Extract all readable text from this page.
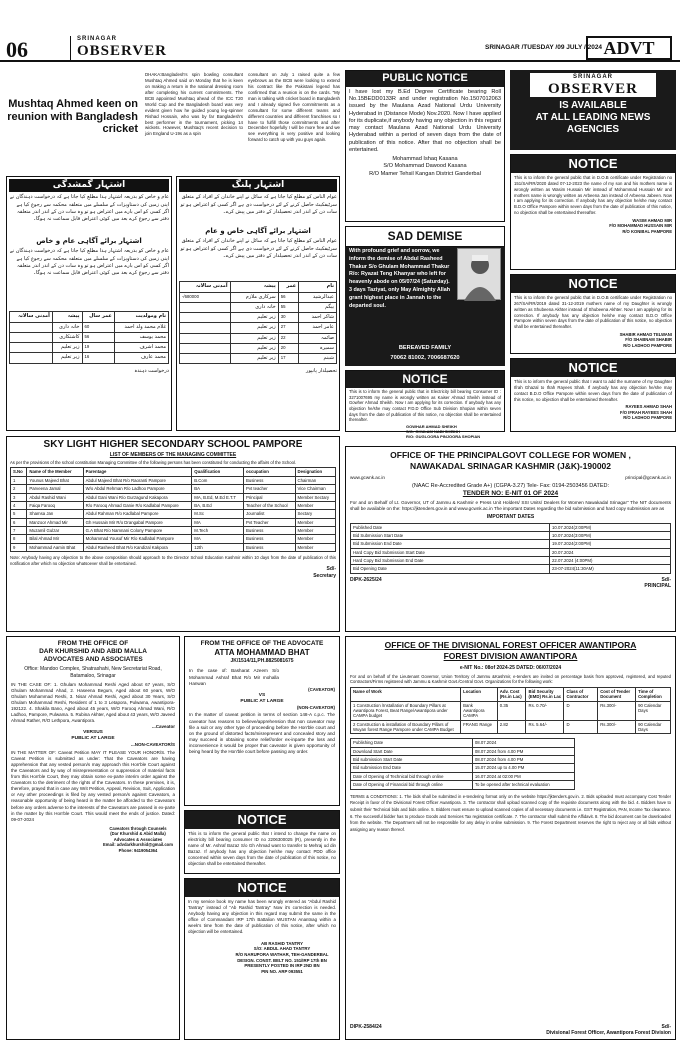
06	SRINAGAR
OBSERVER	SRINAGAR /TUESDAY /09 JULY / 2024 ADVT
Mushtaq Ahmed keen on reunion with Bangladesh cricket
DHAKA:Bangladesh's spin bowling consultant Mushtaq Ahmed said on Monday that he is keen on making a return in the national dressing room after completing his current commitments. The BCB appointed Mushtaq ahead of the ICC T20 World Cup and the Bangladesh board was very evident given how he guided young leg-spinner Rishad Hossain, who was by far Bangladesh's best performer in the tournament, picking 14 wickets. However, Mushtaq's recent decision to join England U-19s as a spin
consultant on July 1 raised quite a few eyebrows as the BCB were looking to extend his contract like the Pakistani legend has confirmed that a reunion is on the cards. "My man is talking with cricket board in Bangladesh and I already signed five commitments as a consultant for some different teams and different countries and different franchises so I have to fulfill those commitments and after December hopefully I will be more free and we see everything is very positive and looking forward to catch up with you guys again.
اشتہار گمشدگی
عام و خاص کو بذریعہ اشتہار ہذا مطلع کیا جاتا ہے کہ درخواست دہندگان نے اپنی زمین کی دستاویزات کے سلسلے میں متعلقہ محکمہ سے رجوع کیا ہے اگر کسی کو اس بارے میں اعتراض ہو تو وہ سات دن کے اندر اندر متعلقہ دفتر سے رجوع کرے بعد میں کوئی اعتراض قابل سماعت نہ ہوگا۔
اشتہار برائے آگاہی عام و خاص
عام و خاص کو بذریعہ اشتہار ہذا مطلع کیا جاتا ہے کہ درخواست دہندگان نے اپنی زمین کی دستاویزات کے سلسلے میں متعلقہ محکمہ سے رجوع کیا ہے اگر کسی کو اس بارے میں اعتراض ہو تو وہ سات دن کے اندر اندر متعلقہ دفتر سے رجوع کرے بعد میں کوئی اعتراض قابل سماعت نہ ہوگا۔
نام ومولدیت	عمر سال	پیشہ	آمدنی سالانہ
غلام محمد ولد احمد	60	خانہ داری	
محمد یوسف	56	کاشتکاری	
محمد اشرف	19	زیر تعلیم	
محمد عارف	16	زیر تعلیم	
درخواست دہندہ
اشتہار پلنگ
عوام الناس کو مطلع کیا جاتا ہے کہ سائل نے اپنے خاندان کے افراد کے متعلق سرٹیفکیٹ حاصل کرنے کے لئے درخواست دی ہے اگر کسی کو اعتراض ہو تو سات دن کے اندر اندر تحصیلدار کے دفتر میں پیش کرے۔
اشتہار برائے آگاہی خاص و عام
عوام الناس کو مطلع کیا جاتا ہے کہ سائل نے اپنے خاندان کے افراد کے متعلق سرٹیفکیٹ حاصل کرنے کے لئے درخواست دی ہے اگر کسی کو اعتراض ہو تو سات دن کے اندر اندر تحصیلدار کے دفتر میں پیش کرے۔
نام	عمر	پیشہ	آمدنی سالانہ
عبدالرشید	56	سرکاری ملازم	680000/-
بیگم	55	خانہ داری	
شاکر احمد	30	زیر تعلیم	
عامر احمد	27	زیر تعلیم	
صائمہ	22	زیر تعلیم	
سمیرہ	20	زیر تعلیم	
شبنم	17	زیر تعلیم	
تحصیلدار پانپور
PUBLIC NOTICE
I have lost my B.Ed Degree Certificate bearing Roll No.15BEDD0133R and under registration No.1507012063 issued by the Maulana Azad National Urdu University Hyderabad in (Distance Mode) Nov.2020. Now I have applied for its duplicate,if anybody having any objection in this regard may contact Maulana Azad National Urdu University Hyderabad within a period of seven days from the date of publication of this notice. After that no objection shall be entertained.
Mohammad Ishaq Kasana
S/O Mohammad Dawood Kasana
R/O Mamer Tehsil Kangan District Ganderbal
SAD DEMISE
With profound grief and sorrow, we inform the demise of Abdul Rasheed Thakur S/o Ghulam Mohammad Thakur R/o: Ryazat Teng Khanyar who left for heavenly abode on 05/07/24 (Saturday). 3 days Taziyat, only May Almighty Allah grant highest place in Jannah to the departed soul.
BEREAVED FAMILY
70062 81002, 7006687620
NOTICE
This is to inform the general public that in Electricity bill bearing Consumer ID : 3271007695 my name is wrongly written as Kaiser Ahmad Sheikh instead of Gowher Ahmad Sheikh. Now I am applying for its correction. If anybody has any objection he/she may contact P.D.D Office Sub Division Shopian within seven days from the date of publication of this notice, no objection shall be entertained thereafter.
GOWHAR AHMAD SHEIKH
S/O: GHULAM NABI SHEIKH
R/O: GUGLOORA PINJOORA SHOPIAN
SRINAGAR
OBSERVER
IS AVAILABLE
AT ALL LEADING NEWS
AGENCIES
NOTICE
This is to inform the general public that in D.O.B certificate under Registration no 151/SA/RR/2020 dated 07-12-2023 the name of my son and his mothers name is wrongly written as Wasim Hussain Mir instead of Mohammad Hussain Mir and mothers name is wrongly written as Arbeena Jan instead of Arbeena Jabeen. Now I am applying for its correction. If anybody has any objection he/she may contact B.D.O Office Pampore within seven days from the date of publication of this notice, no objection shall be entertained thereafter.
WASIM AHMAD MIR
F/O MOHAMMAD HUSSAIN MIR
R/O KONIBAL PAMPORE
NOTICE
This is to inform the general public that in D.O.B certificate under Registration no 267/SA/RR/2019 dated 31-12-2019 mothers name of my Daughter is wrongly written as Shubeena Akhter instead of Shubeena Akhter. Now I am applying for its correction. If anybody has any objection he/she may contact B.D.O Office Pampore within seven days from the date of publication of this notice, no objection shall be entertained thereafter.
SHABIR AHMAD TELWANI
F/O SHABNAM SHABIR
R/O LADHOO PAMPORE
NOTICE
This is to inform the general public that I want to add the surname of my Daughter Ifrah Ghazal to Ifrah Rayees Shah. If anybody has any objection he/she may contact B.D.O Office Pampore within seven days from the date of publication of this notice, no objection shall be entertained thereafter.
RAYEES AHMAD SHAH
F/O IFRAH RAYEES SHAH
R/O LADHOO PAMPORE
SKY LIGHT HIGHER SECONDARY SCHOOL PAMPORE
LIST OF MEMBERS OF THE MANAGING COMMITTEE
As per the provisions of the school constitution Managing Committee of the following persons has been constituted for conducting the affairs of the School.
S.No	Name of the Member	Parentage	Qualification	occupation	Designation
1	Younus Majeed Bhat	Abdul Majeed Bhat R/o Raoranti Pampore	B.Com	Business	Chairman
2	Parveena Jamal	W/o Abdul Rehman R/o Ladhoo Pampore	BA	Pvt teacher	Vice Chairman
3	Abdul Rashid Wani	Abdul Gani Wani R/o Gurzagund Kakapora	MA, B.Ed, M.Ed E.T.T	Principal	Member Sectary
4	Faiqa Farooq	R/o Farooq Ahmad Ganie R/o Kadlabal Pampore	BA, B.Ed	Teacher of the School	Member
5	Shamsa Jan	Abdul Rahman R/o Kadlabal Pampore	M.Sc	Journalist	Sectary
6	Manzoor Ahmad Mir	Gh Hussain Mir R/o Drangabal Pampore	MA	Pvt Teacher	Member
7	Muzamil Gulzar	G.A Bhat R/o Namnani Colony Pampore	M.Tech	Business	Member
8	Bilal Ahmad Mir	Mohammad Yousuf Mir R/o Kadlabal Pampore	MA	Business	Member
9	Mohammad Aamin Bhat	Abdul Rasheed Bhat R/o Kandizal Kakpora	12th	Business	Member
Note: Anybody having any objection to the above composition should approach to the Director School Education Kashmir within 10 days from the date of publication of this notification after which no objection whatsoever shall be entertained.
Sd/-
Secretary
OFFICE OF THE PRINCIPALGOVT COLLEGE FOR WOMEN ,
NAWAKADAL SRINAGAR KASHMIR (J&K)-190002
www.gcwnk.ac.in	principal@gcwnk.ac.in
(NAAC Re-Accredited Grade A+) (CGPA-3.27) Tele- Fax: 0194-2503456 DATED:
TENDER NO: E-NIT 01 OF 2024
For and on Behalf of Lt. Governor, UT of Jammu & Kashmir e Press Unit Holders/ SSI Units/ Dealers for Women Nawakadal Srinagar" The NIT documents shall be available on the: https://jktenders.gov.in and www.gcwnk.ac.in The important Dates regarding the bid submission and hard copy submission are as
IMPORTANT DATES
Published Date	10.07.2024(2:00PM)
Bid Submission Start Date	10.07.2024(3:00PM)
Bid Submission End Date	19.07.2024(2:00PM)
Hard Copy Bid Submission Start Date	20.07.2024
Hard Copy Bid Submission End Date	22.07.2024 (4:00PM)
Bid Opening Date	23-07-2024(11:30AM)
DIPK-2625/24	Sd/-
PRINCIPAL
FROM THE OFFICE OF
DAR KHURSHID AND ABID MALLA
ADVOCATES AND ASSOCIATES
Office: Mandoo Complex, Shatrashahi, New Secretariat Road, Batamaloo, Srinagar
IN THE CASE OF: 1. Ghulam Mohammad Reshi Aged about 67 years, S/O Ghulam Mohammad Ahad, 2. Haseena Begum, Aged about 60 years, W/O Ghulam Mohammad Reshi, 3. Nisar Ahmad Reshi, Aged about 30 Years, S/O Ghulam Mohammad Reshi, Resident of 1 to 3 Letapora, Pulwama, Awantipora-192122. 4. Shakila Bano, Aged about 45 years, W/O Farooq Ahmad Wani, R/O Ladhoo, Pampore, Pulwama. 5. Rubina Akhter, Aged about 43 years, W/O Javeed Ahmad Rather, R/O Lethpora, Awantipora.
...Caveator
VERSUS
PUBLIC AT LARGE
...NON-CAVEATOR/S
IN THE MATTER OF: Caveat Petition MAY IT PLEASE YOUR HONOR/S. The Caveat Petition is submitted as under: That the Caveators are having apprehension that any vested person/s may approach this Hon'ble Court against the Caveators and by way of misrepresentation or suppression of material facts from this Hon'ble Court, they may obtain some ex-parte interim order against the Caveators to the detriment of the rights of the Caveators. In these premises, it is, therefore, prayed that in case any Writ Petition, Appeal, Revision, Suit, Application or Any other proceedings is filed by any vested person/s against Caveators, a reasonable opportunity of being heard in the matter be afforded to the Caveators before any orders adverse to the interests of the Caveators are passed in ex-parte in the matter by this Hon'ble Court. This would meet the ends of justice. Dated: 09-07-2024
Caveators through Counsels
(Dar Khurshid & Abid Malla)
Advocates & Associates
Email: advdarkhurshid@gmail.com
Phone: 9419054364
FROM THE OFFICE OF THE ADVOCATE
ATTA MOHAMMAD BHAT
JK/1514/11,PH.8825081675
In the case of: Basharat Azeem S/o Mohammad Ashraf Bhat R/o Mir mohalla Hanwan
(CAVEATOR)
VS
PUBLIC AT LARGE
(NON-CAVEATOR)
In the matter of caveat petition in terms of section 148-A c.p.c. The caveator has reasons to believe/apprehension that non caveator may file a suit or any other type of proceeding before the Hon'ble court and on the ground of distorted facts/misrepresent and concealed story and may succeed in obtaining some relief/order ex-inparte the loss and inconvenience it would be proper that caveator is given opportunity of being heard by the Hon'ble court before passing any order.
NOTICE
This is to inform the general public that I intend to change the name on electricity bill bearing consumer ID no 2206300025 (R), presently in the name of Mr. Ashraf Bazaz S/o Gh Ahmad want to transfer to Mehraj ud din Bazaz. If anybody has any objection he/she may contact PDD office concerned within seven days from the date of publication of this notice, no objection shall be entertained thereafter.
NOTICE
In my service book my name has been wrongly entered as "Abdul Rashid Tantray" instead of "Ab Rashid Tantray" Now it's correction is needed. Anybody having any objection in this regard may submit the same in the office of Commandant IRP 17th Battalion WUSTAN Anantnag within a week's time from the date of publication of this notice, after which no objection will be entertained.
AB RASHID TANTRY
S/O: ABDUL AHAD TANTRY
R/O NARUPORA WATHAR, TEH-GANDERBAL
DESIGN. CONST. BELT NO. 151/IRP 17th BN
PRESENTLY POSTED IN IRP 2ND BN
PIN NO. ARP 093551
OFFICE OF THE DIVISIONAL FOREST OFFICER AWANTIPORA
FOREST DIVISION AWANTIPORA
e-NIT No.: 08of 2024-25 DATED: 06/07/2024
For and on behalf of the Lieutenant Governor, Union Territory of Jammu &Kashmir, e-tenders are invited on percentage basis from approved, registered, and reputed Contractors/Firms registered with Jammu & Kashmir Govt./Central Govt. Organizations for the following work:
Name of Work	Location	Adv. Cost (Rs.in Lac)	Bid Security (EMD) Rs.in Lac	Class of Contractor	Cost of Tender Document	Time of Completion
1 Construction /Installation of Boundary Pillars at Awantipora Forest, Beat Range/Awantipora under CAMPA budget	Bank Awantipora CAMPA	0.35	Rs. 0.70/-	D	Rs.300/-	90 Calendar Days
2 Construction & installation of Boundary Pillars of Wuyan forest Range Pampore under CAMPA Budget	FRANG Range	2.82	Rs. 5.64/-	D	Rs.300/-	90 Calendar Days
Publishing Date	08.07.2024
Download Start Date	08.07.2024 from 4.00 PM
Bid submission Start Date	08.07.2024 from 4.00 PM
Bid submission End Date	15.07.2024 up to 4.00 PM
Date of Opening of Technical bid through online	16.07.2024 at 02:00 PM
Date of Opening of Financial bid through online	To be opened after technical evaluation
TERMS & CONDITIONS: 1. The bids shall be submitted in e-tendering format only on the website https://jktenders.gov.in. 2. Bids uploaded must accompany Cost Tender Receipt in favor of the Divisional Forest Officer Awantipora. 3. The contractor shall upload scanned copy of the requisite documents along with the bid. 4. Bidders have to submit their Technical bids and bids online. 5. Bidders must ensure to upload scanned copies of all necessary documents i.e. GST Registration, PAN, Income Tax clearance. 6. The successful bidder has to produce Goods and Services Tax registration certificate. 7. The contractor shall submit the Affidavit. 8. The bid document can be downloaded from the website. The Department will not be responsible for any delay in online submission. 9. The Forest Department reserves the right to reject any or all bids without assigning any reason thereof.
DIPK-2584/24	Sd/-
Divisional Forest Officer, Awantipora Forest Division
